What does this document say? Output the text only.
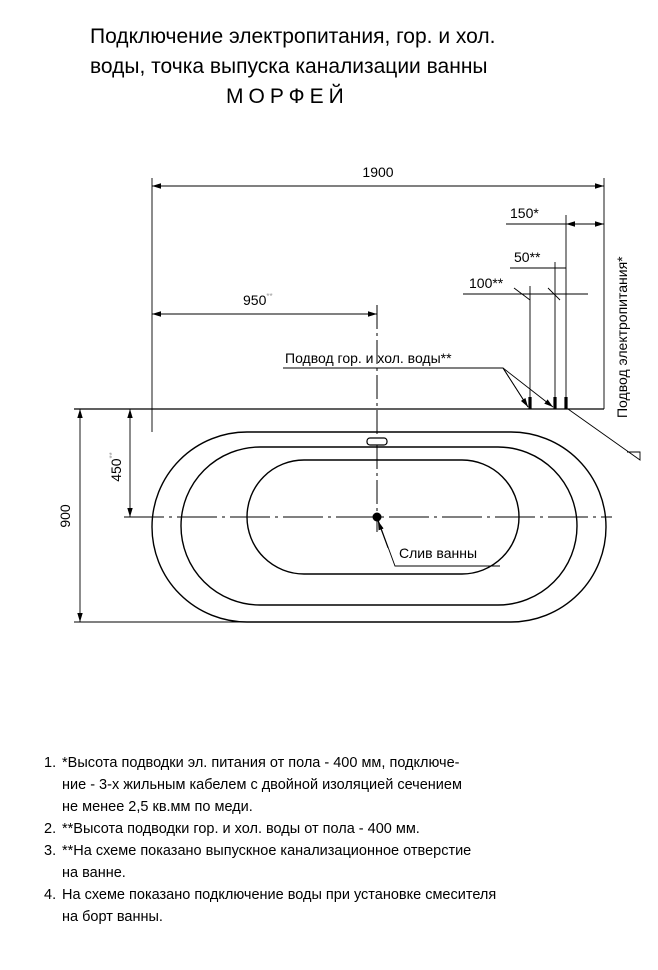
Подключение электропитания, гор. и хол.
воды, точка выпуска канализации ванны
МОРФЕЙ
1900
950**
150*
50**
100**
900
450**
Подвод гор. и хол. воды**	Подвод электропитания*
Слив ванны
1. *Высота подводки эл. питания от пола - 400 мм, подключе-
ние - 3-х жильным кабелем с двойной изоляцией сечением
не менее 2,5 кв.мм по меди.
2. **Высота подводки гор. и хол. воды от пола - 400 мм.
3. **На схеме показано выпускное канализационное отверстие
на ванне.
4. На схеме показано подключение воды при установке смесителя
на борт ванны.
